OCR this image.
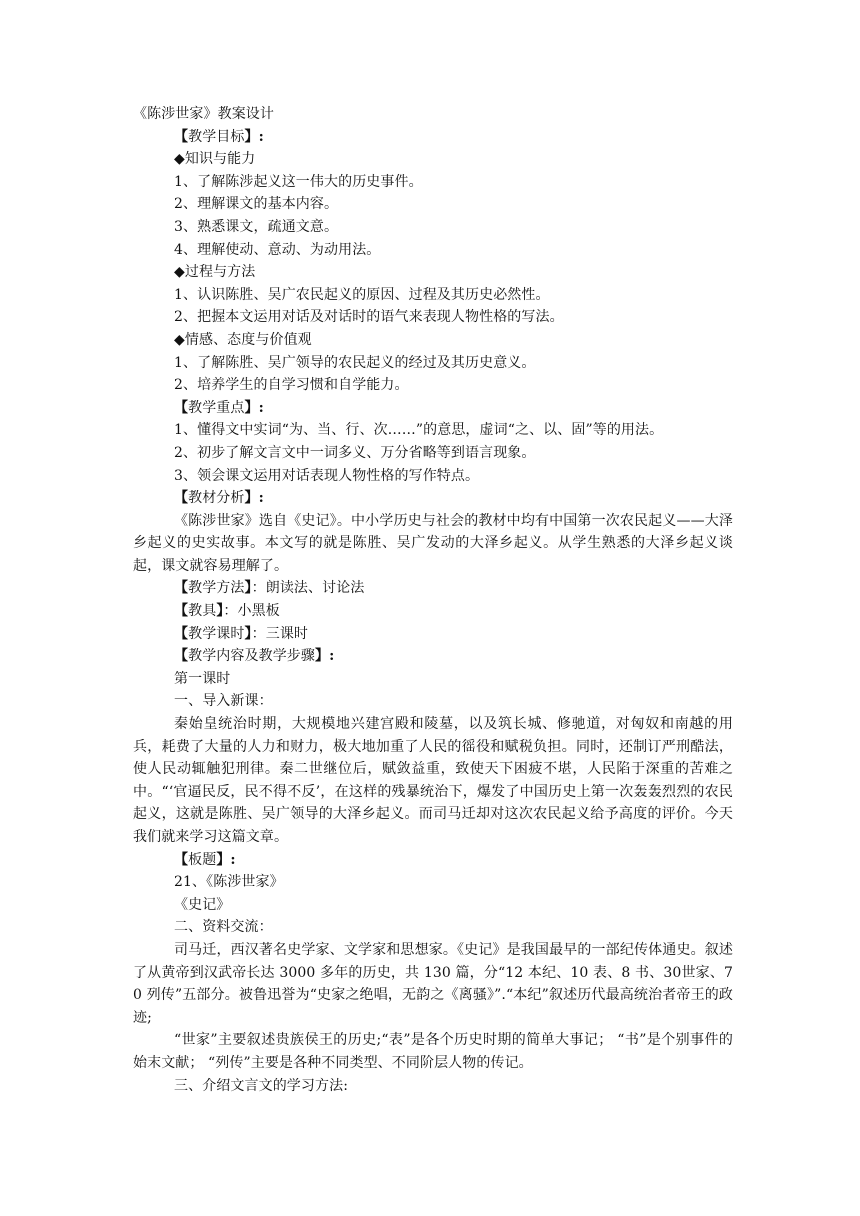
《陈涉世家》教案设计
【教学目标】:
◆知识与能力
1、了解陈涉起义这一伟大的历史事件。
2、理解课文的基本内容。
3、熟悉课文，疏通文意。
4、理解使动、意动、为动用法。
◆过程与方法
1、认识陈胜、吴广农民起义的原因、过程及其历史必然性。
2、把握本文运用对话及对话时的语气来表现人物性格的写法。
◆情感、态度与价值观
1、了解陈胜、吴广领导的农民起义的经过及其历史意义。
2、培养学生的自学习惯和自学能力。
【教学重点】:
1、懂得文中实词“为、当、行、次……”的意思，虚词“之、以、固”等的用法。
2、初步了解文言文中一词多义、万分省略等到语言现象。
3、领会课文运用对话表现人物性格的写作特点。
【教材分析】:
《陈涉世家》选自《史记》。中小学历史与社会的教材中均有中国第一次农民起义——大泽乡起义的史实故事。本文写的就是陈胜、吴广发动的大泽乡起义。从学生熟悉的大泽乡起义谈起，课文就容易理解了。
【教学方法】：朗读法、讨论法
【教具】：小黑板
【教学课时】：三课时
【教学内容及教学步骤】:
第一课时
一、导入新课：
秦始皇统治时期，大规模地兴建宫殿和陵墓，以及筑长城、修驰道，对匈奴和南越的用兵，耗费了大量的人力和财力，极大地加重了人民的徭役和赋税负担。同时，还制订严刑酷法，使人民动辄触犯刑律。秦二世继位后，赋敛益重，致使天下困疲不堪，人民陷于深重的苦难之中。“‘官逼民反，民不得不反’，在这样的残暴统治下，爆发了中国历史上第一次轰轰烈烈的农民起义，这就是陈胜、吴广领导的大泽乡起义。而司马迁却对这次农民起义给予高度的评价。今天我们就来学习这篇文章。
【板题】:
21、《陈涉世家》
《史记》
二、资料交流：
司马迁，西汉著名史学家、文学家和思想家。《史记》是我国最早的一部纪传体通史。叙述了从黄帝到汉武帝长达 3000 多年的历史，共 130 篇，分“12 本纪、10 表、8 书、30世家、70 列传”五部分。被鲁迅誉为“史家之绝唱，无韵之《离骚》”.“本纪”叙述历代最高统治者帝王的政迹;
“世家”主要叙述贵族侯王的历史;“表”是各个历史时期的简单大事记； “书”是个别事件的始末文献； “列传”主要是各种不同类型、不同阶层人物的传记。
三、介绍文言文的学习方法:
